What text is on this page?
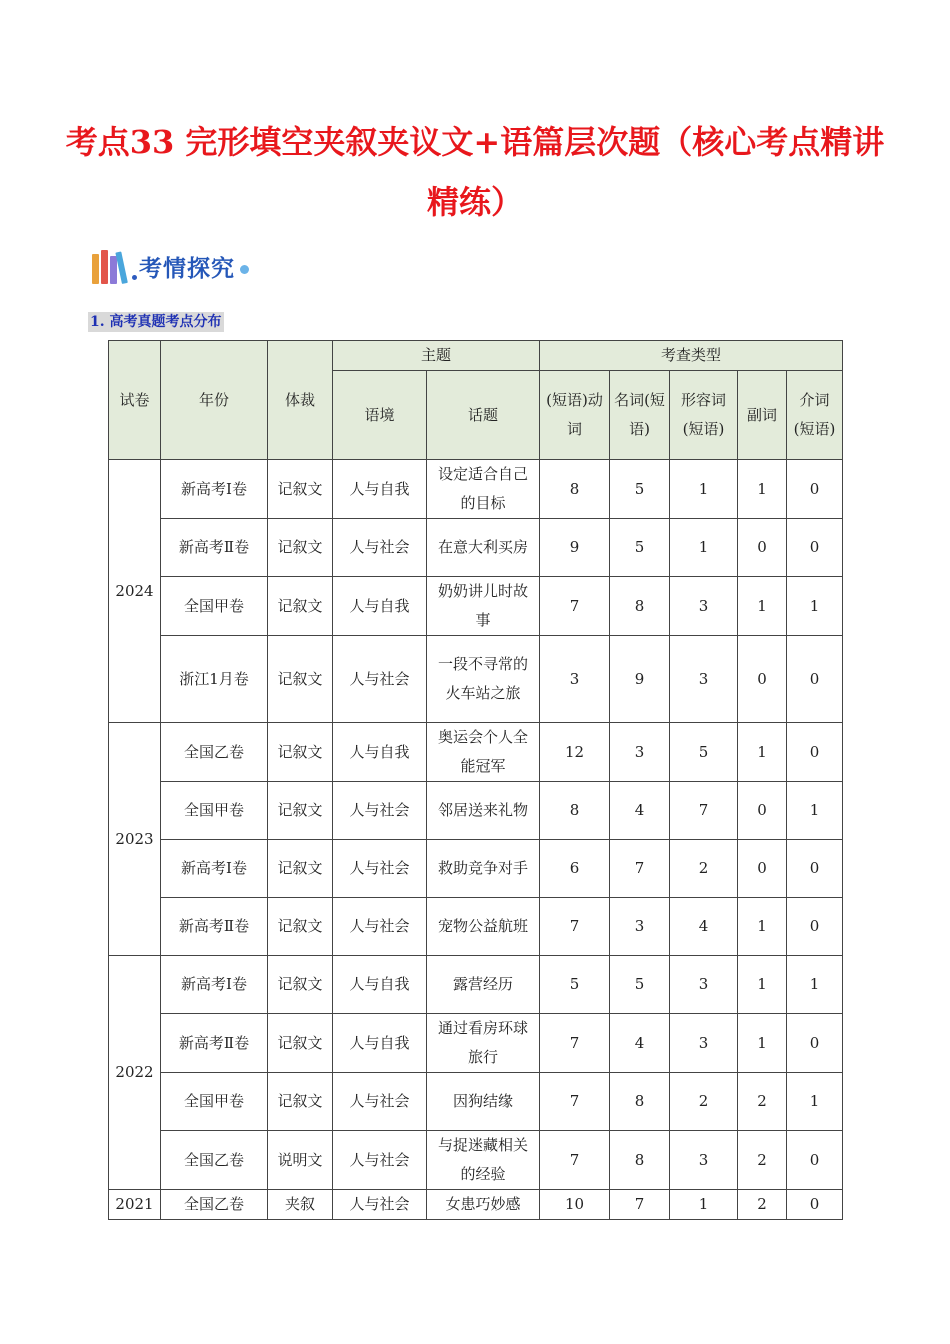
考点33 完形填空夹叙夹议文+语篇层次题（核心考点精讲精练）
考情探究
1. 高考真题考点分布
试卷	年份	体裁	主题		考查类型				
			语境	话题	(短语)动词	名词(短语)	形容词(短语)	副词	介词(短语)
2024	新高考Ⅰ卷	记叙文	人与自我	设定适合自己的目标	8	5	1	1	0
	新高考Ⅱ卷	记叙文	人与社会	在意大利买房	9	5	1	0	0
	全国甲卷	记叙文	人与自我	奶奶讲儿时故事	7	8	3	1	1
	浙江1月卷	记叙文	人与社会	一段不寻常的火车站之旅	3	9	3	0	0
2023	全国乙卷	记叙文	人与自我	奥运会个人全能冠军	12	3	5	1	0
	全国甲卷	记叙文	人与社会	邻居送来礼物	8	4	7	0	1
	新高考Ⅰ卷	记叙文	人与社会	救助竞争对手	6	7	2	0	0
	新高考Ⅱ卷	记叙文	人与社会	宠物公益航班	7	3	4	1	0
2022	新高考Ⅰ卷	记叙文	人与自我	露营经历	5	5	3	1	1
	新高考Ⅱ卷	记叙文	人与自我	通过看房环球旅行	7	4	3	1	0
	全国甲卷	记叙文	人与社会	因狗结缘	7	8	2	2	1
	全国乙卷	说明文	人与社会	与捉迷藏相关的经验	7	8	3	2	0
2021	全国乙卷	夹叙	人与社会	女患巧妙感	10	7	1	2	0
